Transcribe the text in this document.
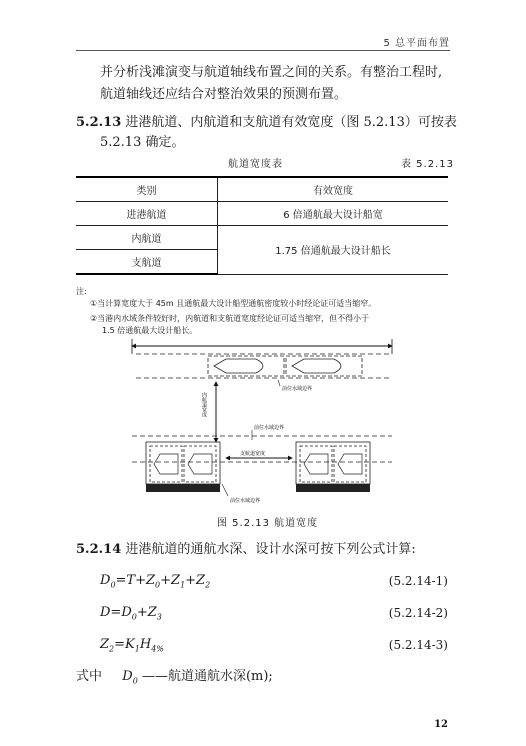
5 总平面布置
并分析浅滩演变与航道轴线布置之间的关系。有整治工程时,
航道轴线还应结合对整治效果的预测布置。
5.2.13 进港航道、内航道和支航道有效宽度（图 5.2.13）可按表
5.2.13 确定。
航道宽度表	表 5.2.13
类别	有效宽度
进港航道	6 倍通航最大设计船宽
内航道	1.75 倍通航最大设计船长
支航道	
注:
①当计算宽度大于 45m 且通航最大设计船型通航密度较小时经论证可适当缩窄。
②当港内水域条件较好时，内航道和支航道宽度经论证可适当缩窄，但不得小于
1.5 倍通航最大设计船长。
前位水域边界
内航道宽度
前位水域边界
支航道宽度
前位水域边界
图 5.2.13 航道宽度
5.2.14 进港航道的通航水深、设计水深可按下列公式计算:
$D_0=T+Z_0+Z_1+Z_2$	(5.2.14-1)
$D=D_0+Z_3$	(5.2.14-2)
$Z_2=K_1H_{4\%}$	(5.2.14-3)
式中 $D_0$ ——航道通航水深(m);
12
